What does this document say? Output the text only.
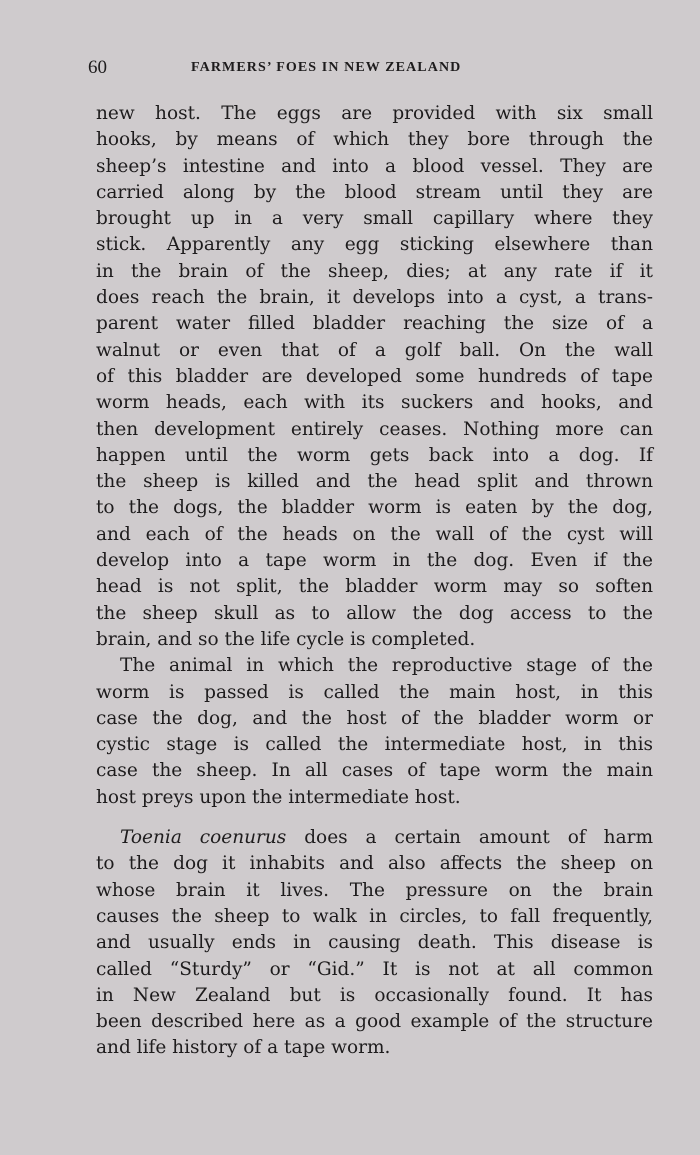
60	FARMERS’ FOES IN NEW ZEALAND

new host. The eggs are provided with six small
hooks, by means of which they bore through the
sheep’s intestine and into a blood vessel. They are
carried along by the blood stream until they are
brought up in a very small capillary where they
stick. Apparently any egg sticking elsewhere than
in the brain of the sheep, dies; at any rate if it
does reach the brain, it develops into a cyst, a trans-
parent water filled bladder reaching the size of a
walnut or even that of a golf ball. On the wall
of this bladder are developed some hundreds of tape
worm heads, each with its suckers and hooks, and
then development entirely ceases. Nothing more can
happen until the worm gets back into a dog. If
the sheep is killed and the head split and thrown
to the dogs, the bladder worm is eaten by the dog,
and each of the heads on the wall of the cyst will
develop into a tape worm in the dog. Even if the
head is not split, the bladder worm may so soften
the sheep skull as to allow the dog access to the
brain, and so the life cycle is completed.

The animal in which the reproductive stage of the
worm is passed is called the main host, in this
case the dog, and the host of the bladder worm or
cystic stage is called the intermediate host, in this
case the sheep. In all cases of tape worm the main
host preys upon the intermediate host.

Toenia coenurus does a certain amount of harm
to the dog it inhabits and also affects the sheep on
whose brain it lives. The pressure on the brain
causes the sheep to walk in circles, to fall frequently,
and usually ends in causing death. This disease is
called “Sturdy” or “Gid.” It is not at all common
in New Zealand but is occasionally found. It has
been described here as a good example of the structure
and life history of a tape worm.
